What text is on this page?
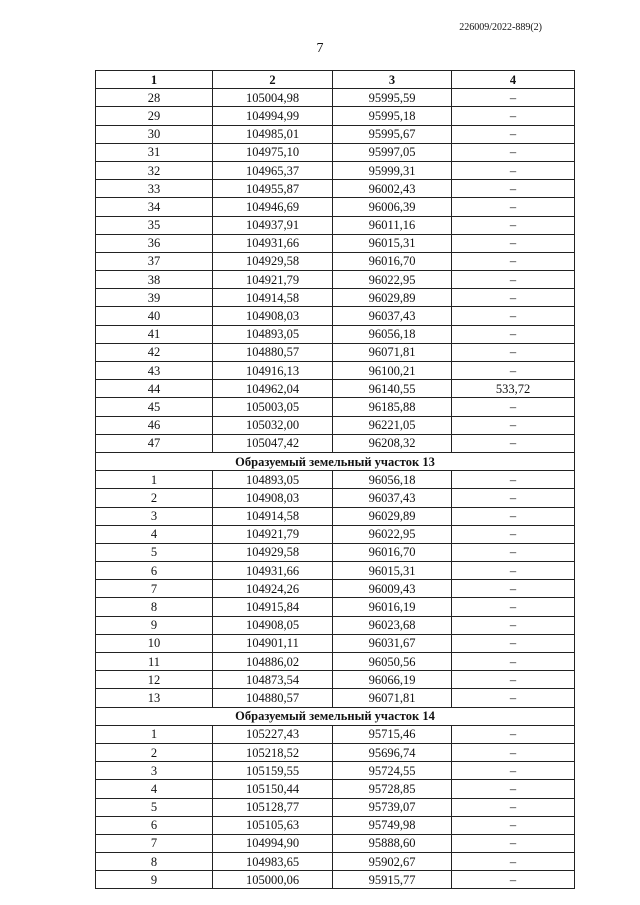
226009/2022-889(2)
7
1	2	3	4
28	105004,98	95995,59	–
29	104994,99	95995,18	–
30	104985,01	95995,67	–
31	104975,10	95997,05	–
32	104965,37	95999,31	–
33	104955,87	96002,43	–
34	104946,69	96006,39	–
35	104937,91	96011,16	–
36	104931,66	96015,31	–
37	104929,58	96016,70	–
38	104921,79	96022,95	–
39	104914,58	96029,89	–
40	104908,03	96037,43	–
41	104893,05	96056,18	–
42	104880,57	96071,81	–
43	104916,13	96100,21	–
44	104962,04	96140,55	533,72
45	105003,05	96185,88	–
46	105032,00	96221,05	–
47	105047,42	96208,32	–
Образуемый земельный участок 13			
1	104893,05	96056,18	–
2	104908,03	96037,43	–
3	104914,58	96029,89	–
4	104921,79	96022,95	–
5	104929,58	96016,70	–
6	104931,66	96015,31	–
7	104924,26	96009,43	–
8	104915,84	96016,19	–
9	104908,05	96023,68	–
10	104901,11	96031,67	–
11	104886,02	96050,56	–
12	104873,54	96066,19	–
13	104880,57	96071,81	–
Образуемый земельный участок 14			
1	105227,43	95715,46	–
2	105218,52	95696,74	–
3	105159,55	95724,55	–
4	105150,44	95728,85	–
5	105128,77	95739,07	–
6	105105,63	95749,98	–
7	104994,90	95888,60	–
8	104983,65	95902,67	–
9	105000,06	95915,77	–
